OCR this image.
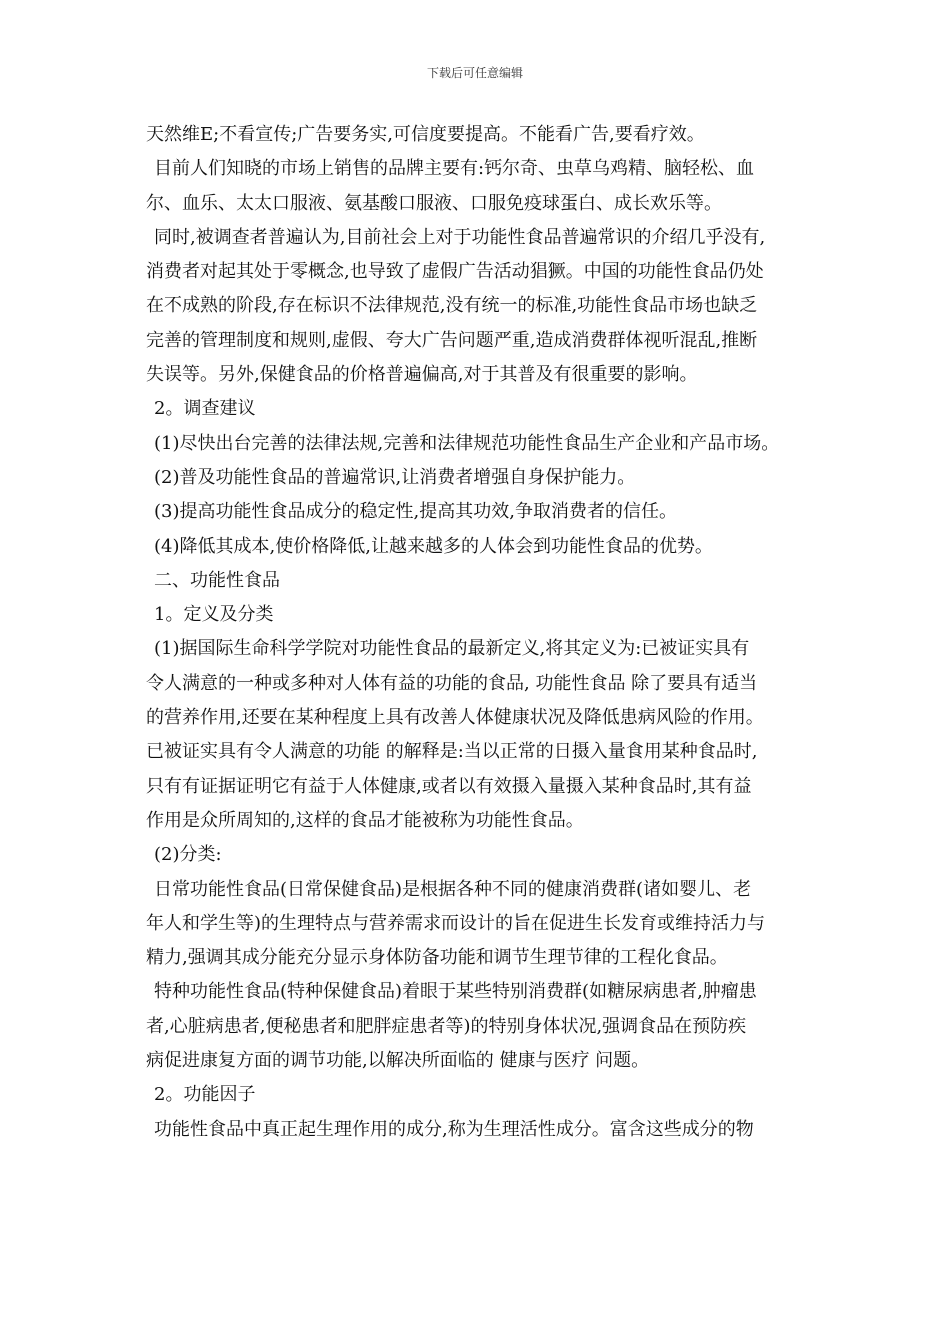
下载后可任意编辑
天然维E;不看宣传;广告要务实,可信度要提高。不能看广告,要看疗效。
目前人们知晓的市场上销售的品牌主要有:钙尔奇、虫草乌鸡精、脑轻松、血
尔、血乐、太太口服液、氨基酸口服液、口服免疫球蛋白、成长欢乐等。
同时,被调查者普遍认为,目前社会上对于功能性食品普遍常识的介绍几乎没有,
消费者对起其处于零概念,也导致了虚假广告活动猖獗。中国的功能性食品仍处
在不成熟的阶段,存在标识不法律规范,没有统一的标准,功能性食品市场也缺乏
完善的管理制度和规则,虚假、夸大广告问题严重,造成消费群体视听混乱,推断
失误等。另外,保健食品的价格普遍偏高,对于其普及有很重要的影响。
2。调查建议
(1)尽快出台完善的法律法规,完善和法律规范功能性食品生产企业和产品市场。
(2)普及功能性食品的普遍常识,让消费者增强自身保护能力。
(3)提高功能性食品成分的稳定性,提高其功效,争取消费者的信任。
(4)降低其成本,使价格降低,让越来越多的人体会到功能性食品的优势。
二、功能性食品
1。定义及分类
(1)据国际生命科学学院对功能性食品的最新定义,将其定义为:已被证实具有
令人满意的一种或多种对人体有益的功能的食品, 功能性食品 除了要具有适当
的营养作用,还要在某种程度上具有改善人体健康状况及降低患病风险的作用。
已被证实具有令人满意的功能 的解释是:当以正常的日摄入量食用某种食品时,
只有有证据证明它有益于人体健康,或者以有效摄入量摄入某种食品时,其有益
作用是众所周知的,这样的食品才能被称为功能性食品。
(2)分类:
日常功能性食品(日常保健食品)是根据各种不同的健康消费群(诸如婴儿、老
年人和学生等)的生理特点与营养需求而设计的旨在促进生长发育或维持活力与
精力,强调其成分能充分显示身体防备功能和调节生理节律的工程化食品。
特种功能性食品(特种保健食品)着眼于某些特别消费群(如糖尿病患者,肿瘤患
者,心脏病患者,便秘患者和肥胖症患者等)的特别身体状况,强调食品在预防疾
病促进康复方面的调节功能,以解决所面临的 健康与医疗 问题。
2。功能因子
功能性食品中真正起生理作用的成分,称为生理活性成分。富含这些成分的物
